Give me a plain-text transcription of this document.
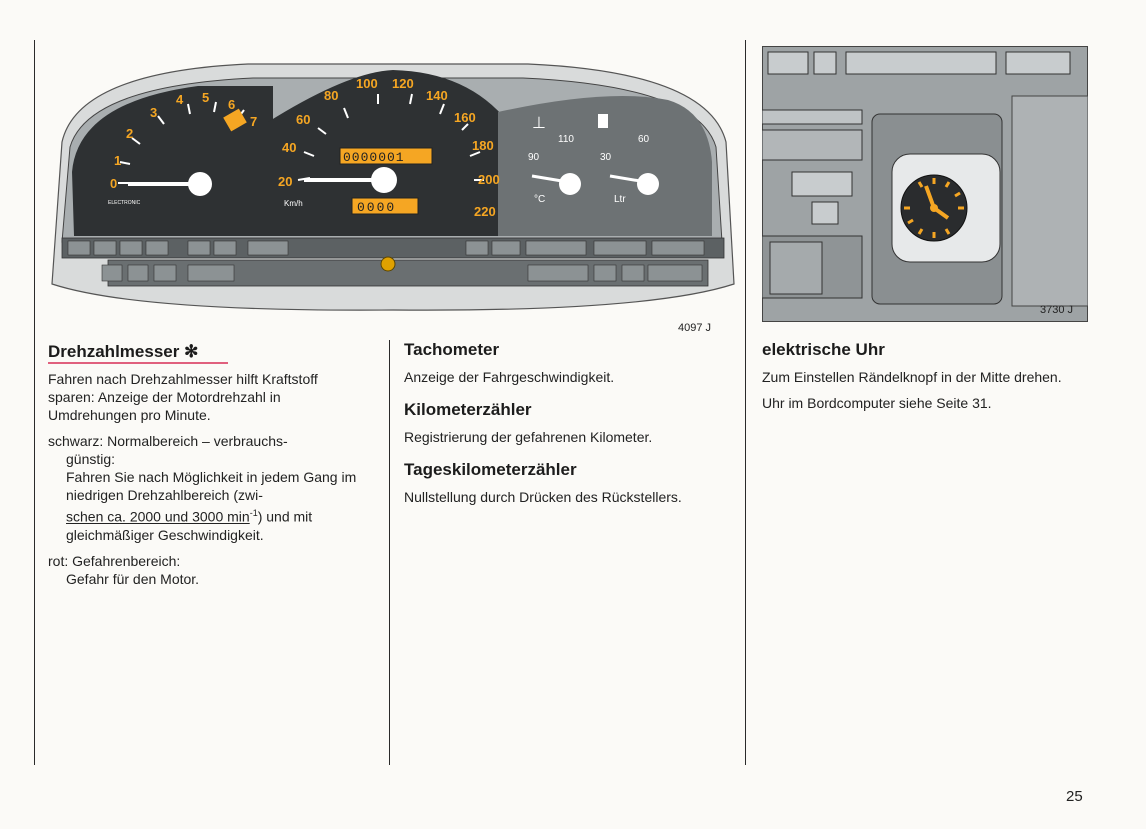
0
1
2
3
4 5 6
7
ELECTRONIC
20
40
60
80
100 120
140
160
180
200
220
Km/h
0000001
0000
⊥
90
110
°C
30
60
Ltr
4097 J
3730 J
Drehzahlmesser ✻

Fahren nach Drehzahlmesser hilft Kraftstoff sparen: Anzeige der Motordrehzahl in Umdrehungen pro Minute.

schwarz: Normalbereich – verbrauchs-

günstig:

Fahren Sie nach Möglichkeit in jedem Gang im niedrigen Drehzahlbereich (zwi-

schen ca. 2000 und 3000 $\min^{-1}$) und mit

gleichmäßiger Geschwindigkeit.

rot: Gefahrenbereich:

Gefahr für den Motor.

Tachometer
Anzeige der Fahrgeschwindigkeit.
Kilometerzähler
Registrierung der gefahrenen Kilometer.
Tageskilometerzähler
Nullstellung durch Drücken des Rückstellers.
elektrische Uhr
Zum Einstellen Rändelknopf in der Mitte drehen.
Uhr im Bordcomputer siehe Seite 31.
25
